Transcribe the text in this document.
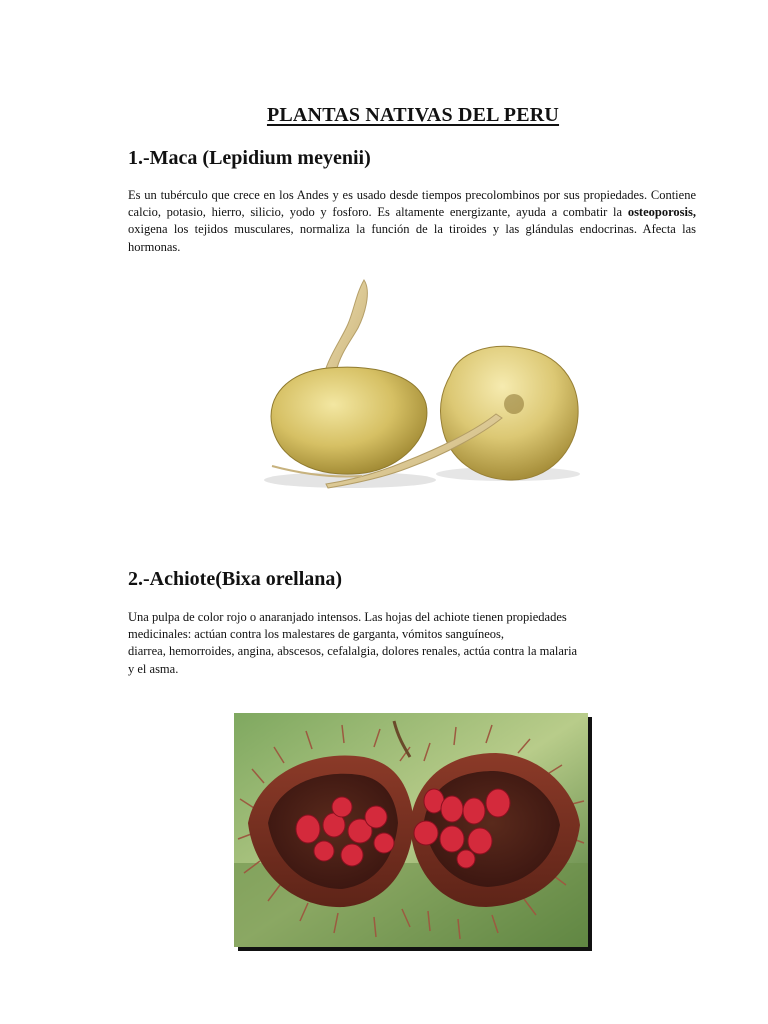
PLANTAS NATIVAS DEL PERU
1.-Maca (Lepidium meyenii)
Es un tubérculo que crece en los Andes y es usado desde tiempos precolombinos por sus propiedades. Contiene calcio, potasio, hierro, silicio, yodo y fosforo. Es altamente energizante, ayuda a combatir la osteoporosis, oxigena los tejidos musculares, normaliza la función de la tiroides y las glándulas endocrinas. Afecta las hormonas.
2.-Achiote(Bixa orellana)
Una pulpa de color rojo o anaranjado intensos. Las hojas del achiote tienen propiedades
medicinales: actúan contra los malestares de garganta, vómitos sanguíneos,
diarrea, hemorroides, angina, abscesos, cefalalgia, dolores renales, actúa contra la malaria
y el asma.
